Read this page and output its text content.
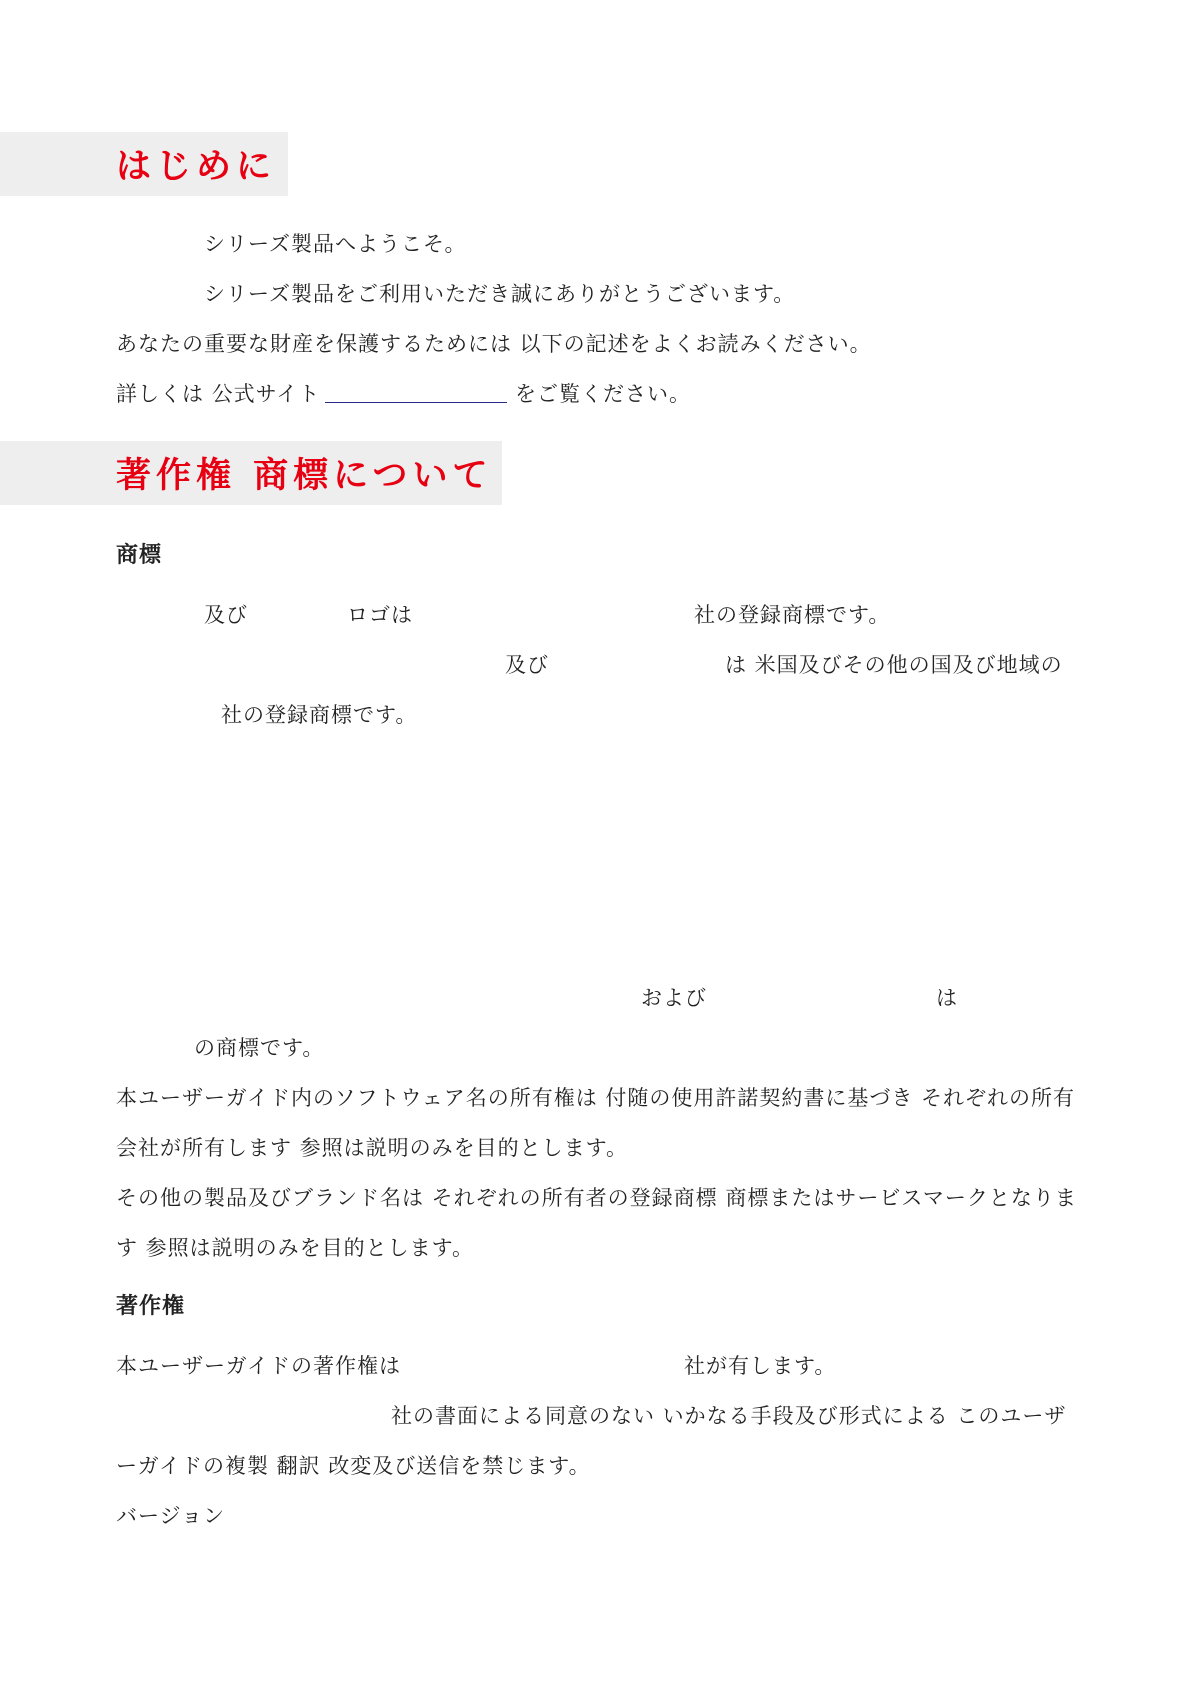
はじめに
シリーズ製品へようこそ。
シリーズ製品をご利用いただき誠にありがとうございます。
あなたの重要な財産を保護するためには 以下の記述をよくお読みください。
詳しくは 公式サイト	をご覧ください。
著作権 商標について
商標
及び	ロゴは	社の登録商標です。
及び	は 米国及びその他の国及び地域の
社の登録商標です。
および	は
の商標です。
本ユーザーガイド内のソフトウェア名の所有権は 付随の使用許諾契約書に基づき それぞれの所有
会社が所有します 参照は説明のみを目的とします。
その他の製品及びブランド名は それぞれの所有者の登録商標 商標またはサービスマークとなりま
す 参照は説明のみを目的とします。
著作権
本ユーザーガイドの著作権は	社が有します。
社の書面による同意のない いかなる手段及び形式による このユーザ
ーガイドの複製 翻訳 改変及び送信を禁じます。
バージョン
